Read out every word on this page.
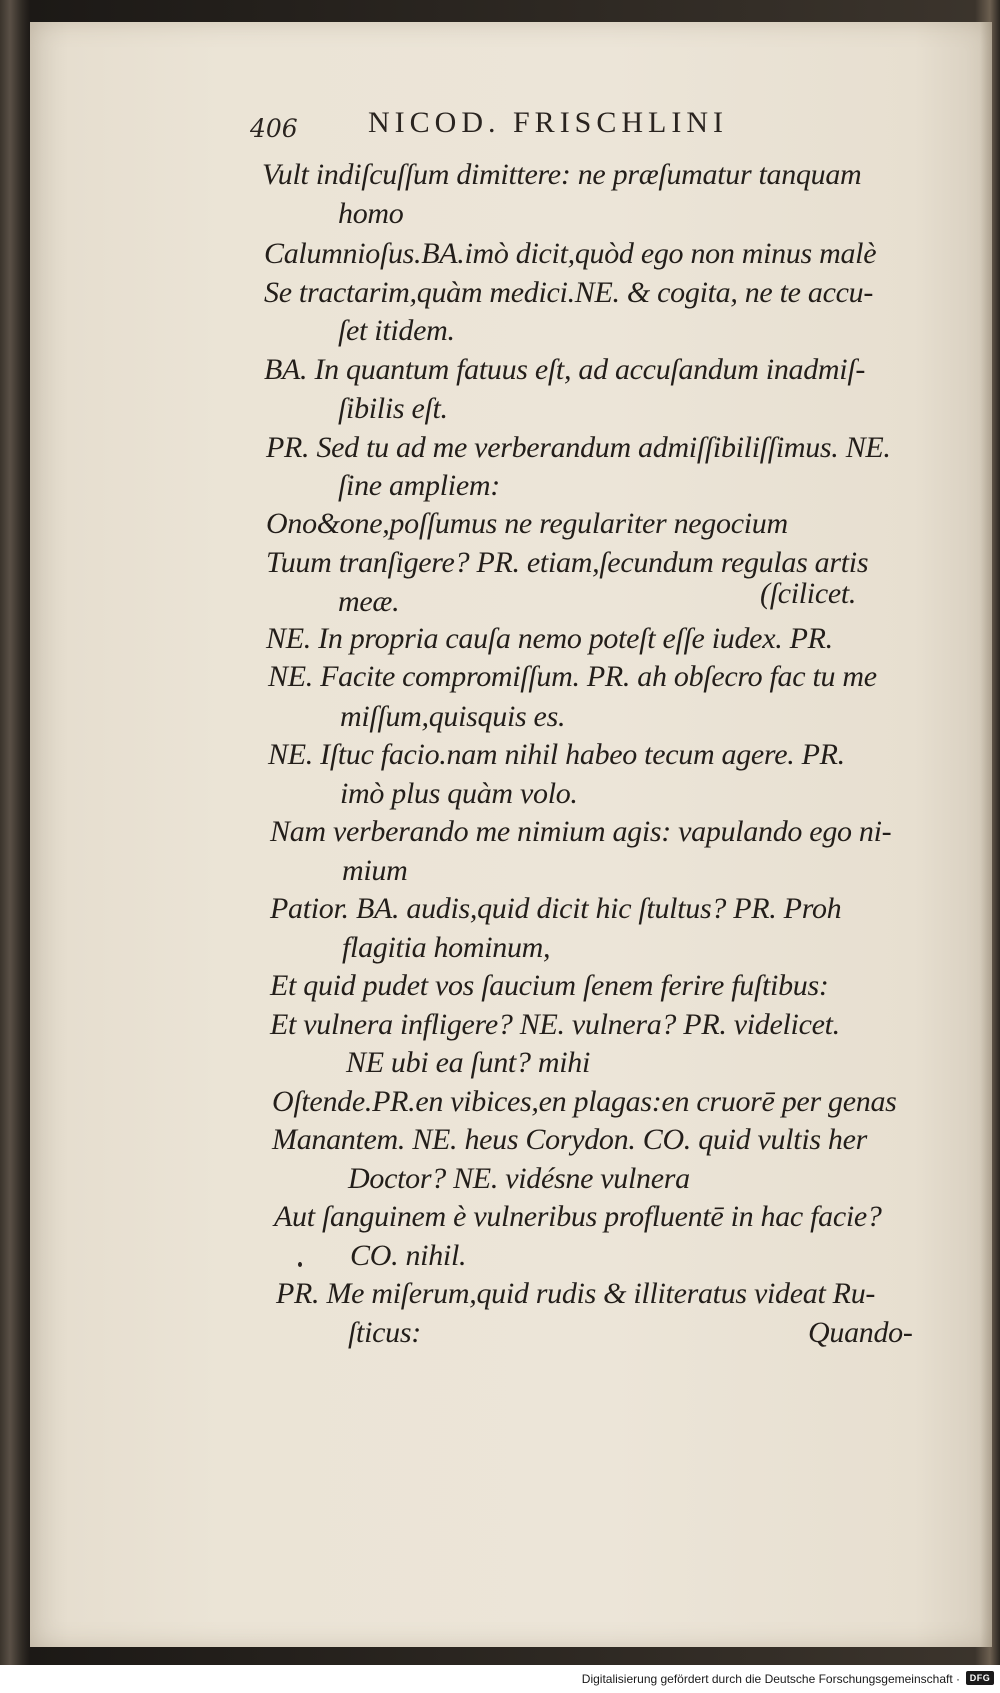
406 NICOD. FRISCHLINI
Vult indiſcuſſum dimittere: ne præſumatur tanquam
homo
Calumnioſus.BA.imò dicit,quòd ego non minus malè
Se tractarim,quàm medici.NE. & cogita, ne te accu-
ſet itidem.
BA. In quantum fatuus eſt, ad accuſandum inadmiſ-
ſibilis eſt.
PR. Sed tu ad me verberandum admiſſibiliſſimus. NE.
ſine ampliem:
Ono&one,poſſumus ne regulariter negocium
Tuum tranſigere? PR. etiam,ſecundum regulas artis
meæ.	(ſcilicet.
NE. In propria cauſa nemo poteſt eſſe iudex. PR.
NE. Facite compromiſſum. PR. ah obſecro fac tu me
miſſum,quisquis es.
NE. Iſtuc facio.nam nihil habeo tecum agere. PR.
imò plus quàm volo.
Nam verberando me nimium agis: vapulando ego ni-
mium
Patior. BA. audis,quid dicit hic ſtultus? PR. Proh
flagitia hominum,
Et quid pudet vos ſaucium ſenem ferire fuſtibus:
Et vulnera infligere? NE. vulnera? PR. videlicet.
NE ubi ea ſunt? mihi
Oſtende.PR.en vibices,en plagas:en cruorē per genas
Manantem. NE. heus Corydon. CO. quid vultis her
Doctor? NE. vidésne vulnera
Aut ſanguinem è vulneribus profluentē in hac facie?
CO. nihil.
PR. Me miſerum,quid rudis & illiteratus videat Ru-
ſticus:	Quando-
Digitalisierung gefördert durch die Deutsche Forschungsgemeinschaft ·	DFG
